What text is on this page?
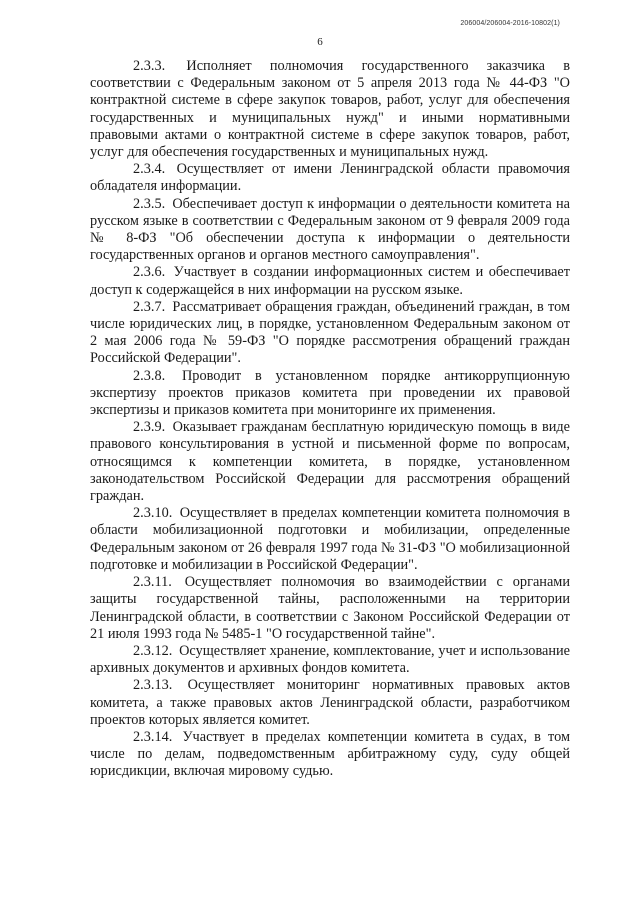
206004/206004-2016-10802(1)
6

2.3.3. Исполняет полномочия государственного заказчика в соответствии с Федеральным законом от 5 апреля 2013 года № 44-ФЗ "О контрактной системе в сфере закупок товаров, работ, услуг для обеспечения государственных и муниципальных нужд" и иными нормативными правовыми актами о контрактной системе в сфере закупок товаров, работ, услуг для обеспечения государственных и муниципальных нужд.

2.3.4. Осуществляет от имени Ленинградской области правомочия обладателя информации.

2.3.5. Обеспечивает доступ к информации о деятельности комитета на русском языке в соответствии с Федеральным законом от 9 февраля 2009 года № 8-ФЗ "Об обеспечении доступа к информации о деятельности государственных органов и органов местного самоуправления".

2.3.6. Участвует в создании информационных систем и обеспечивает доступ к содержащейся в них информации на русском языке.

2.3.7. Рассматривает обращения граждан, объединений граждан, в том числе юридических лиц, в порядке, установленном Федеральным законом от 2 мая 2006 года № 59-ФЗ "О порядке рассмотрения обращений граждан Российской Федерации".

2.3.8. Проводит в установленном порядке антикоррупционную экспертизу проектов приказов комитета при проведении их правовой экспертизы и приказов комитета при мониторинге их применения.

2.3.9. Оказывает гражданам бесплатную юридическую помощь в виде правового консультирования в устной и письменной форме по вопросам, относящимся к компетенции комитета, в порядке, установленном законодательством Российской Федерации для рассмотрения обращений граждан.

2.3.10. Осуществляет в пределах компетенции комитета полномочия в области мобилизационной подготовки и мобилизации, определенные Федеральным законом от 26 февраля 1997 года № 31-ФЗ "О мобилизационной подготовке и мобилизации в Российской Федерации".

2.3.11. Осуществляет полномочия во взаимодействии с органами защиты государственной тайны, расположенными на территории Ленинградской области, в соответствии с Законом Российской Федерации от 21 июля 1993 года № 5485-1 "О государственной тайне".

2.3.12. Осуществляет хранение, комплектование, учет и использование архивных документов и архивных фондов комитета.

2.3.13. Осуществляет мониторинг нормативных правовых актов комитета, а также правовых актов Ленинградской области, разработчиком проектов которых является комитет.

2.3.14. Участвует в пределах компетенции комитета в судах, в том числе по делам, подведомственным арбитражному суду, суду общей юрисдикции, включая мировому судью.
